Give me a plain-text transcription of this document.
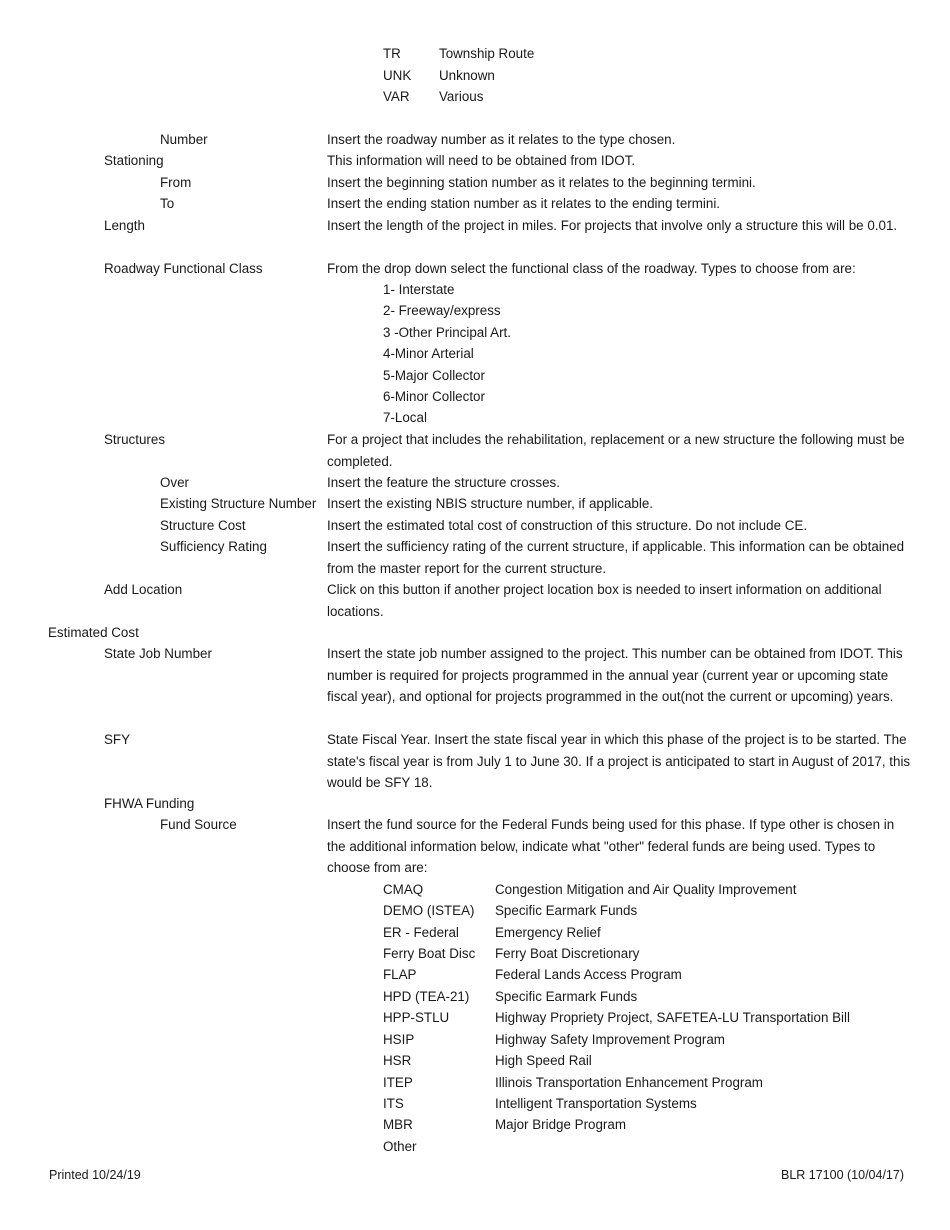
TR	Township Route
UNK Unknown
VAR Various
Number	Insert the roadway number as it relates to the type chosen.
Stationing	This information will need to be obtained from IDOT.
From	Insert the beginning station number as it relates to the beginning termini.
To	Insert the ending station number as it relates to the ending termini.
Length	Insert the length of the project in miles. For projects that involve only a structure this will be 0.01.
Roadway Functional Class	From the drop down select the functional class of the roadway. Types to choose from are:
1- Interstate
2- Freeway/express
3 -Other Principal Art.
4-Minor Arterial
5-Major Collector
6-Minor Collector
7-Local
Structures	For a project that includes the rehabilitation, replacement or a new structure the following must be completed.
Over	Insert the feature the structure crosses.
Existing Structure Number Insert the existing NBIS structure number, if applicable.
Structure Cost	Insert the estimated total cost of construction of this structure. Do not include CE.
Sufficiency Rating	Insert the sufficiency rating of the current structure, if applicable. This information can be obtained from the master report for the current structure.
Add Location	Click on this button if another project location box is needed to insert information on additional locations.
Estimated Cost
State Job Number	Insert the state job number assigned to the project. This number can be obtained from IDOT. This number is required for projects programmed in the annual year (current year or upcoming state fiscal year), and optional for projects programmed in the out(not the current or upcoming) years.
SFY	State Fiscal Year. Insert the state fiscal year in which this phase of the project is to be started. The state's fiscal year is from July 1 to June 30. If a project is anticipated to start in August of 2017, this would be SFY 18.
FHWA Funding
Fund Source	Insert the fund source for the Federal Funds being used for this phase. If type other is chosen in the additional information below, indicate what "other" federal funds are being used. Types to choose from are:
CMAQ	Congestion Mitigation and Air Quality Improvement
DEMO (ISTEA) Specific Earmark Funds
ER - Federal	Emergency Relief
Ferry Boat Disc Ferry Boat Discretionary
FLAP	Federal Lands Access Program
HPD (TEA-21) Specific Earmark Funds
HPP-STLU	Highway Propriety Project, SAFETEA-LU Transportation Bill
HSIP	Highway Safety Improvement Program
HSR	High Speed Rail
ITEP	Illinois Transportation Enhancement Program
ITS	Intelligent Transportation Systems
MBR	Major Bridge Program
Other
Printed 10/24/19	BLR 17100 (10/04/17)
